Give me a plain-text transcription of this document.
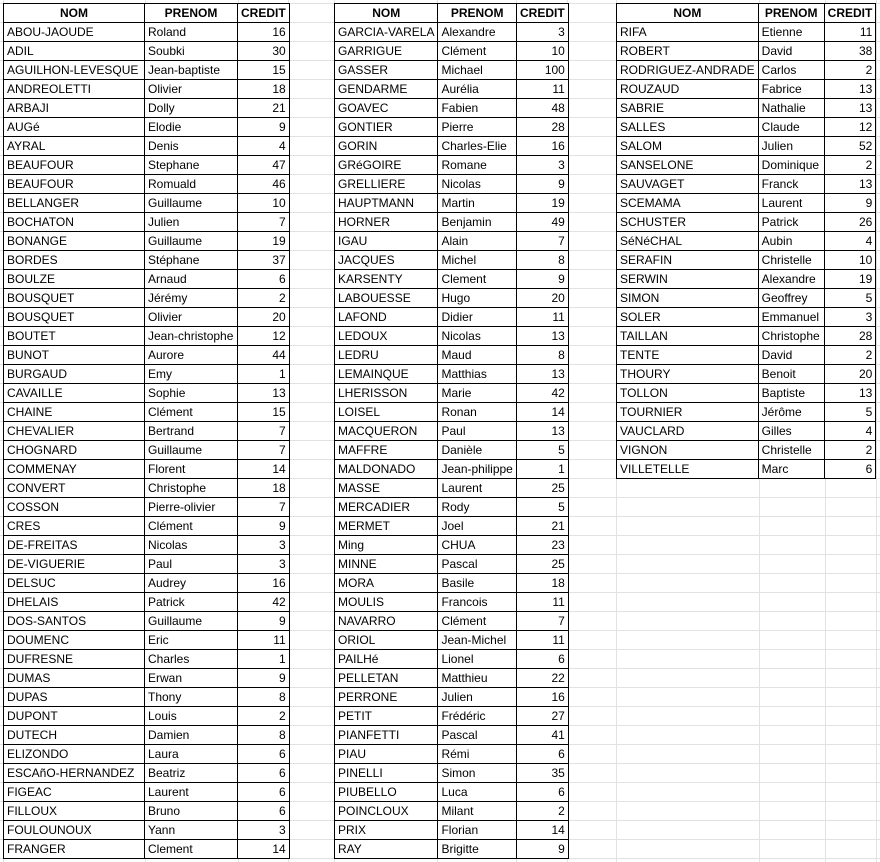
NOM	PRENOM	CREDIT
ABOU-JAOUDE	Roland	16
ADIL	Soubki	30
AGUILHON-LEVESQUE	Jean-baptiste	15
ANDREOLETTI	Olivier	18
ARBAJI	Dolly	21
AUGé	Elodie	9
AYRAL	Denis	4
BEAUFOUR	Stephane	47
BEAUFOUR	Romuald	46
BELLANGER	Guillaume	10
BOCHATON	Julien	7
BONANGE	Guillaume	19
BORDES	Stéphane	37
BOULZE	Arnaud	6
BOUSQUET	Jérémy	2
BOUSQUET	Olivier	20
BOUTET	Jean-christophe	12
BUNOT	Aurore	44
BURGAUD	Emy	1
CAVAILLE	Sophie	13
CHAINE	Clément	15
CHEVALIER	Bertrand	7
CHOGNARD	Guillaume	7
COMMENAY	Florent	14
CONVERT	Christophe	18
COSSON	Pierre-olivier	7
CRES	Clément	9
DE-FREITAS	Nicolas	3
DE-VIGUERIE	Paul	3
DELSUC	Audrey	16
DHELAIS	Patrick	42
DOS-SANTOS	Guillaume	9
DOUMENC	Eric	11
DUFRESNE	Charles	1
DUMAS	Erwan	9
DUPAS	Thony	8
DUPONT	Louis	2
DUTECH	Damien	8
ELIZONDO	Laura	6
ESCAñO-HERNANDEZ	Beatriz	6
FIGEAC	Laurent	6
FILLOUX	Bruno	6
FOULOUNOUX	Yann	3
FRANGER	Clement	14
NOM	PRENOM	CREDIT
GARCIA-VARELA	Alexandre	3
GARRIGUE	Clément	10
GASSER	Michael	100
GENDARME	Aurélia	11
GOAVEC	Fabien	48
GONTIER	Pierre	28
GORIN	Charles-Elie	16
GRéGOIRE	Romane	3
GRELLIERE	Nicolas	9
HAUPTMANN	Martin	19
HORNER	Benjamin	49
IGAU	Alain	7
JACQUES	Michel	8
KARSENTY	Clement	9
LABOUESSE	Hugo	20
LAFOND	Didier	11
LEDOUX	Nicolas	13
LEDRU	Maud	8
LEMAINQUE	Matthias	13
LHERISSON	Marie	42
LOISEL	Ronan	14
MACQUERON	Paul	13
MAFFRE	Danièle	5
MALDONADO	Jean-philippe	1
MASSE	Laurent	25
MERCADIER	Rody	5
MERMET	Joel	21
Ming	CHUA	23
MINNE	Pascal	25
MORA	Basile	18
MOULIS	Francois	11
NAVARRO	Clément	7
ORIOL	Jean-Michel	11
PAILHé	Lionel	6
PELLETAN	Matthieu	22
PERRONE	Julien	16
PETIT	Frédéric	27
PIANFETTI	Pascal	41
PIAU	Rémi	6
PINELLI	Simon	35
PIUBELLO	Luca	6
POINCLOUX	Milant	2
PRIX	Florian	14
RAY	Brigitte	9
NOM	PRENOM	CREDIT
RIFA	Etienne	11
ROBERT	David	38
RODRIGUEZ-ANDRADE	Carlos	2
ROUZAUD	Fabrice	13
SABRIE	Nathalie	13
SALLES	Claude	12
SALOM	Julien	52
SANSELONE	Dominique	2
SAUVAGET	Franck	13
SCEMAMA	Laurent	9
SCHUSTER	Patrick	26
SéNéCHAL	Aubin	4
SERAFIN	Christelle	10
SERWIN	Alexandre	19
SIMON	Geoffrey	5
SOLER	Emmanuel	3
TAILLAN	Christophe	28
TENTE	David	2
THOURY	Benoit	20
TOLLON	Baptiste	13
TOURNIER	Jérôme	5
VAUCLARD	Gilles	4
VIGNON	Christelle	2
VILLETELLE	Marc	6
